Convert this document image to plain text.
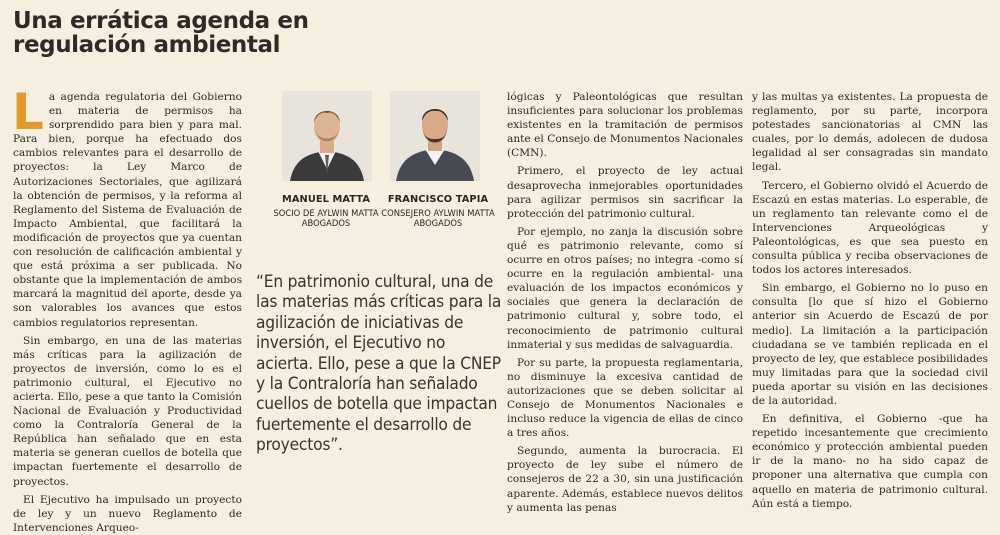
Una errática agenda en regulación ambiental
L a agenda regulatoria del Gobierno en materia de permisos ha sorprendido para bien y para mal. Para bien, porque ha efectuado dos cambios relevantes para el desarrollo de proyectos: la Ley Marco de Autorizaciones Sectoriales, que agilizará la obtención de permisos, y la reforma al Reglamento del Sistema de Evaluación de Impacto Ambiental, que facilitará la modificación de proyectos que ya cuentan con resolución de calificación ambiental y que está próxima a ser publicada. No obstante que la implementación de ambos marcará la magnitud del aporte, desde ya son valorables los avances que estos cambios regulatorios representan.

Sin embargo, en una de las materias más críticas para la agilización de proyectos de inversión, como lo es el patrimonio cultural, el Ejecutivo no acierta. Ello, pese a que tanto la Comisión Nacional de Evaluación y Productividad como la Contraloría General de la República han señalado que en esta materia se generan cuellos de botella que impactan fuertemente el desarrollo de proyectos.

El Ejecutivo ha impulsado un proyecto de ley y un nuevo Reglamento de Intervenciones Arqueo-

MANUEL MATTA
SOCIO DE AYLWIN MATTA ABOGADOS
FRANCISCO TAPIA
CONSEJERO AYLWIN MATTA ABOGADOS
“En patrimonio cultural, una de las materias más críticas para la agilización de iniciativas de inversión, el Ejecutivo no acierta. Ello, pese a que la CNEP y la Contraloría han señalado cuellos de botella que impactan fuertemente el desarrollo de proyectos”.

lógicas y Paleontológicas que resultan insuficientes para solucionar los problemas existentes en la tramitación de permisos ante el Consejo de Monumentos Nacionales (CMN).

Primero, el proyecto de ley actual desaprovecha inmejorables oportunidades para agilizar permisos sin sacrificar la protección del patrimonio cultural.

Por ejemplo, no zanja la discusión sobre qué es patrimonio relevante, como sí ocurre en otros países; no integra -como sí ocurre en la regulación ambiental- una evaluación de los impactos económicos y sociales que genera la declaración de patrimonio cultural y, sobre todo, el reconocimiento de patrimonio cultural inmaterial y sus medidas de salvaguardia.

Por su parte, la propuesta reglamentaria, no disminuye la excesiva cantidad de autorizaciones que se deben solicitar al Consejo de Monumentos Nacionales e incluso reduce la vigencia de ellas de cinco a tres años.

Segundo, aumenta la burocracia. El proyecto de ley sube el número de consejeros de 22 a 30, sin una justificación aparente. Además, establece nuevos delitos y aumenta las penas

y las multas ya existentes. La propuesta de reglamento, por su parte, incorpora potestades sancionatorias al CMN las cuales, por lo demás, adolecen de dudosa legalidad al ser consagradas sin mandato legal.

Tercero, el Gobierno olvidó el Acuerdo de Escazú en estas materias. Lo esperable, de un reglamento tan relevante como el de Intervenciones Arqueológicas y Paleontológicas, es que sea puesto en consulta pública y reciba observaciones de todos los actores interesados.

Sin embargo, el Gobierno no lo puso en consulta [lo que sí hizo el Gobierno anterior sin Acuerdo de Escazú de por medio]. La limitación a la participación ciudadana se ve también replicada en el proyecto de ley, que establece posibilidades muy limitadas para que la sociedad civil pueda aportar su visión en las decisiones de la autoridad.

En definitiva, el Gobierno -que ha repetido incesantemente que crecimiento económico y protección ambiental pueden ir de la mano- no ha sido capaz de proponer una alternativa que cumpla con aquello en materia de patrimonio cultural. Aún está a tiempo.
